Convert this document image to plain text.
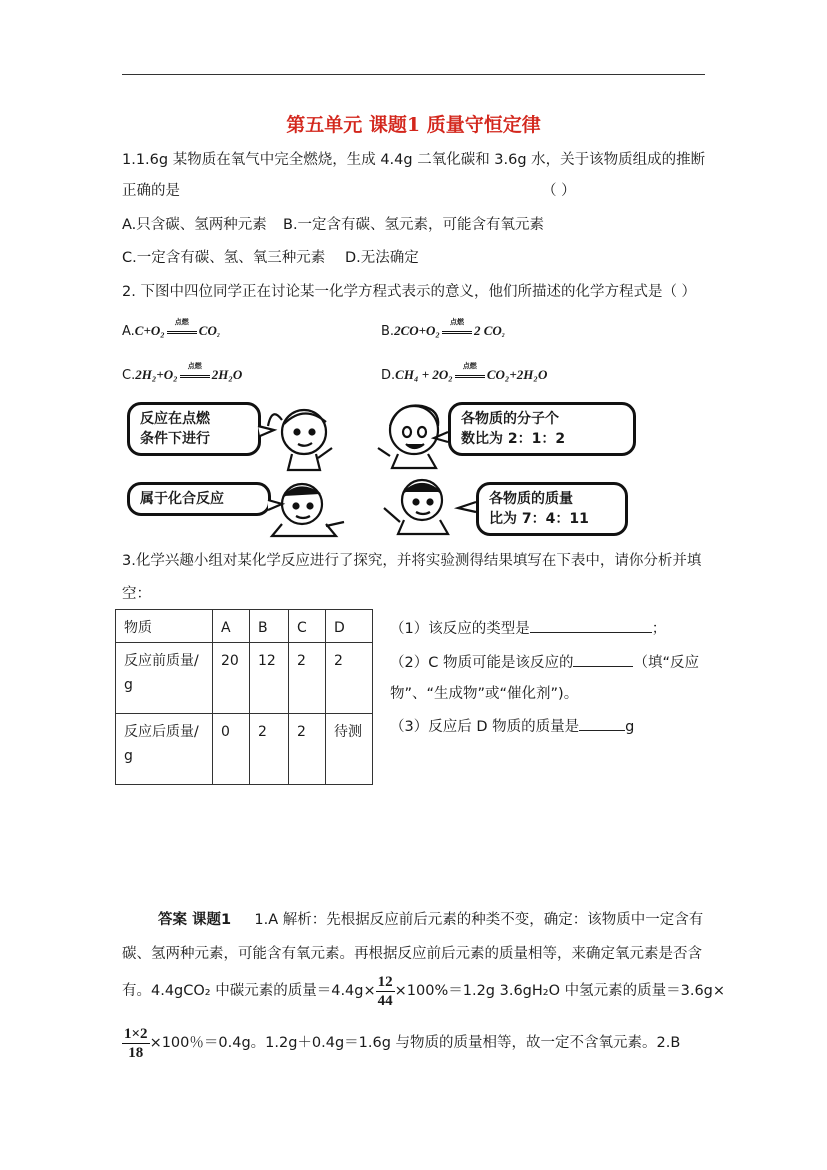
第五单元 课题1 质量守恒定律
1.1.6g 某物质在氧气中完全燃烧，生成 4.4g 二氧化碳和 3.6g 水，关于该物质组成的推断
正确的是	（ ）
A.只含碳、氢两种元素 B.一定含有碳、氢元素，可能含有氧元素
C.一定含有碳、氢、氧三种元素 D.无法确定
2. 下图中四位同学正在讨论某一化学方程式表示的意义，他们所描述的化学方程式是（ ）
A.C+O₂
点燃
CO₂	B.2CO+O₂
点燃
2 CO₂
C.2H₂+O₂
点燃
2H₂O	D.CH₄ + 2O₂
点燃
CO₂+2H₂O
反应在点燃
条件下进行
各物质的分子个
数比为 2：1：2
属于化合反应	各物质的质量
比为 7：4：11
3.化学兴趣小组对某化学反应进行了探究，并将实验测得结果填写在下表中，请你分析并填
空：
物质	A	B	C	D
反应前质量/g	20	12	2	2
反应后质量/g	0	2	2	待测
（1）该反应的类型是	；
（2）C 物质可能是该反应的	（填“反应
物”、“生成物”或“催化剂”)。
（3）反应后 D 物质的质量是	g
答案 课题1 1.A 解析：先根据反应前后元素的种类不变，确定：该物质中一定含有
碳、氢两种元素，可能含有氧元素。再根据反应前后元素的质量相等，来确定氧元素是否含
有。4.4gCO₂ 中碳元素的质量$=4.4g\times \frac{12}{44} \times 100\%=1.2g$ 3.6gH₂O 中氢元素的质量＝3.6g×
$\frac{1\times 2}{18} \times 100$％＝0.4g。1.2g＋0.4g＝1.6g 与物质的质量相等，故一定不含氧元素。2.B
